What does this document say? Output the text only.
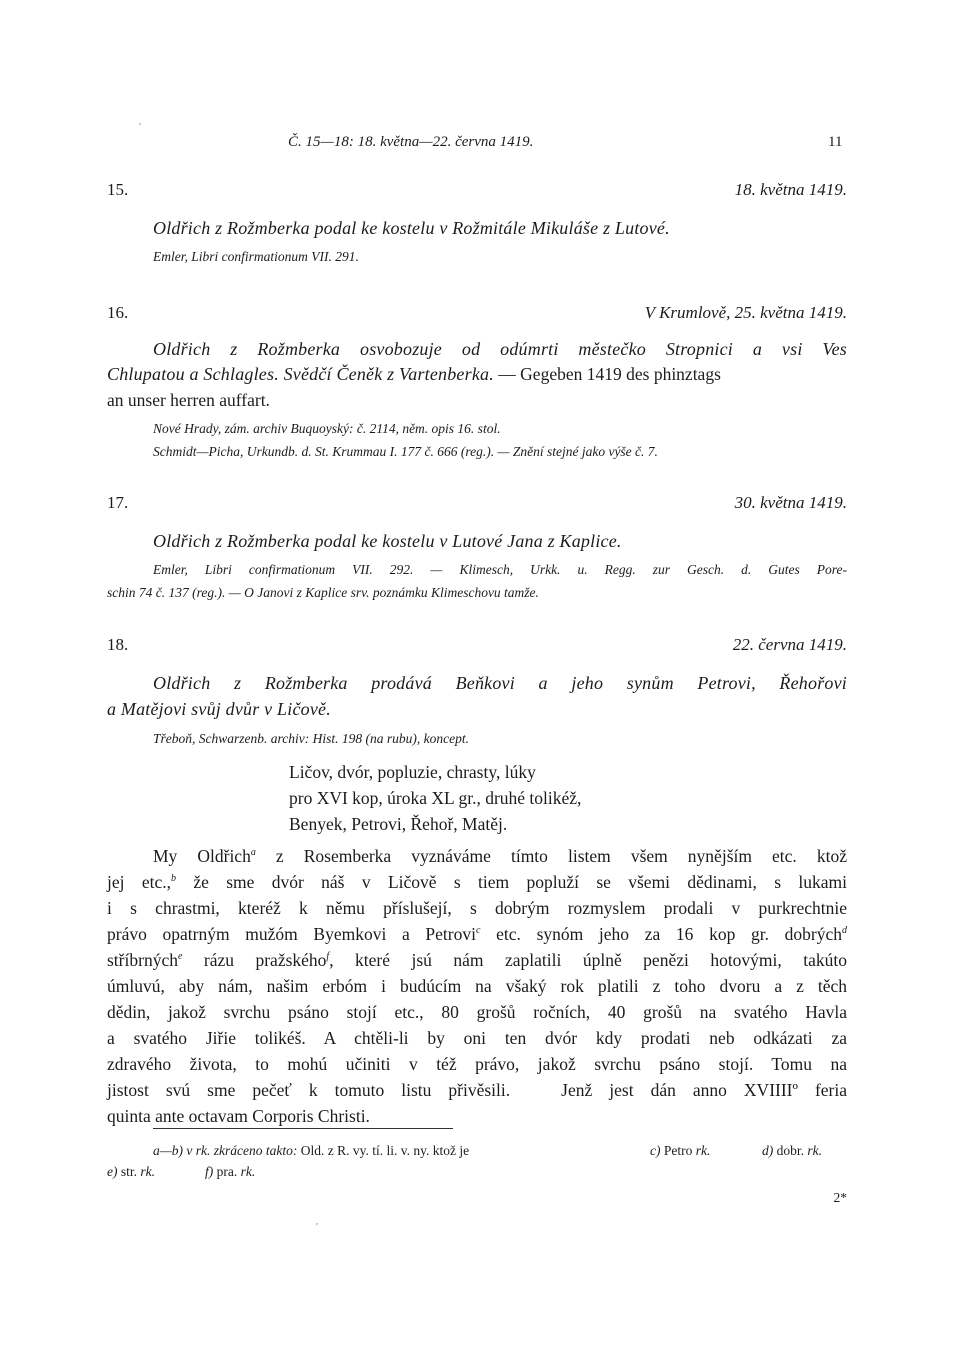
Č. 15—18: 18. května—22. června 1419.	11
′
15.	18. května 1419.
Oldřich z Rožmberka podal ke kostelu v Rožmitále Mikuláše z Lutové.
Emler, Libri confirmationum VII. 291.
16.	V Krumlově, 25. května 1419.
Oldřich z Rožmberka osvobozuje od odúmrti městečko Stropnici a vsi Ves
Chlupatou a Schlagles. Svědčí Čeněk z Vartenberka. — Gegeben 1419 des phinztags
an unser herren auffart.
Nové Hrady, zám. archiv Buquoyský: č. 2114, něm. opis 16. stol.
Schmidt—Picha, Urkundb. d. St. Krummau I. 177 č. 666 (reg.). — Znění stejné jako výše č. 7.
17.	30. května 1419.
Oldřich z Rožmberka podal ke kostelu v Lutové Jana z Kaplice.
Emler, Libri confirmationum VII. 292. — Klimesch, Urkk. u. Regg. zur Gesch. d. Gutes Pore-
schin 74 č. 137 (reg.). — O Janovi z Kaplice srv. poznámku Klimeschovu tamže.
18.	22. června 1419.
Oldřich z Rožmberka prodává Beňkovi a jeho synům Petrovi, Řehořovi
a Matějovi svůj dvůr v Ličově.
Třeboň, Schwarzenb. archiv: Hist. 198 (na rubu), koncept.
Ličov, dvór, popluzie, chrasty, lúky
pro XVI kop, úroka XL gr., druhé tolikéž,
Benyek, Petrovi, Řehoř, Matěj.
My Oldřich$^a$ z Rosemberka vyznáváme tímto listem všem nynějším etc. ktož
jej etc.,$^b$ že sme dvór náš v Ličově s tiem popluží se všemi dědinami, s lukami
i s chrastmi, kteréž k němu příslušejí, s dobrým rozmyslem prodali v purkrechtnie
právo opatrným mužóm Byemkovi a Petrovi$^c$ etc. synóm jeho za 16 kop gr. dobrých$^d$
stříbrných$^e$ rázu pražského$^f$, které jsú nám zaplatili úplně penězi hotovými, takúto
úmluvú, aby nám, našim erbóm i budúcím na všaký rok platili z toho dvoru a z těch
dědin, jakož svrchu psáno stojí etc., 80 grošů ročních, 40 grošů na svatého Havla
a svatého Jiřie tolikéš. A chtěli-li by oni ten dvór kdy prodati neb odkázati za
zdravého života, to mohú učiniti v též právo, jakož svrchu psáno stojí. Tomu na
jistost svú sme pečeť k tomuto listu přivěsili.   Jenž jest dán anno XVIIIIº feria
quinta ante octavam Corporis Christi.
a—b) v rk. zkráceno takto: Old. z R. vy. tí. li. v. ny. ktož je	c) Petro rk.	d) dobr. rk.
e) str. rk.	f) pra. rk.
2*
′
